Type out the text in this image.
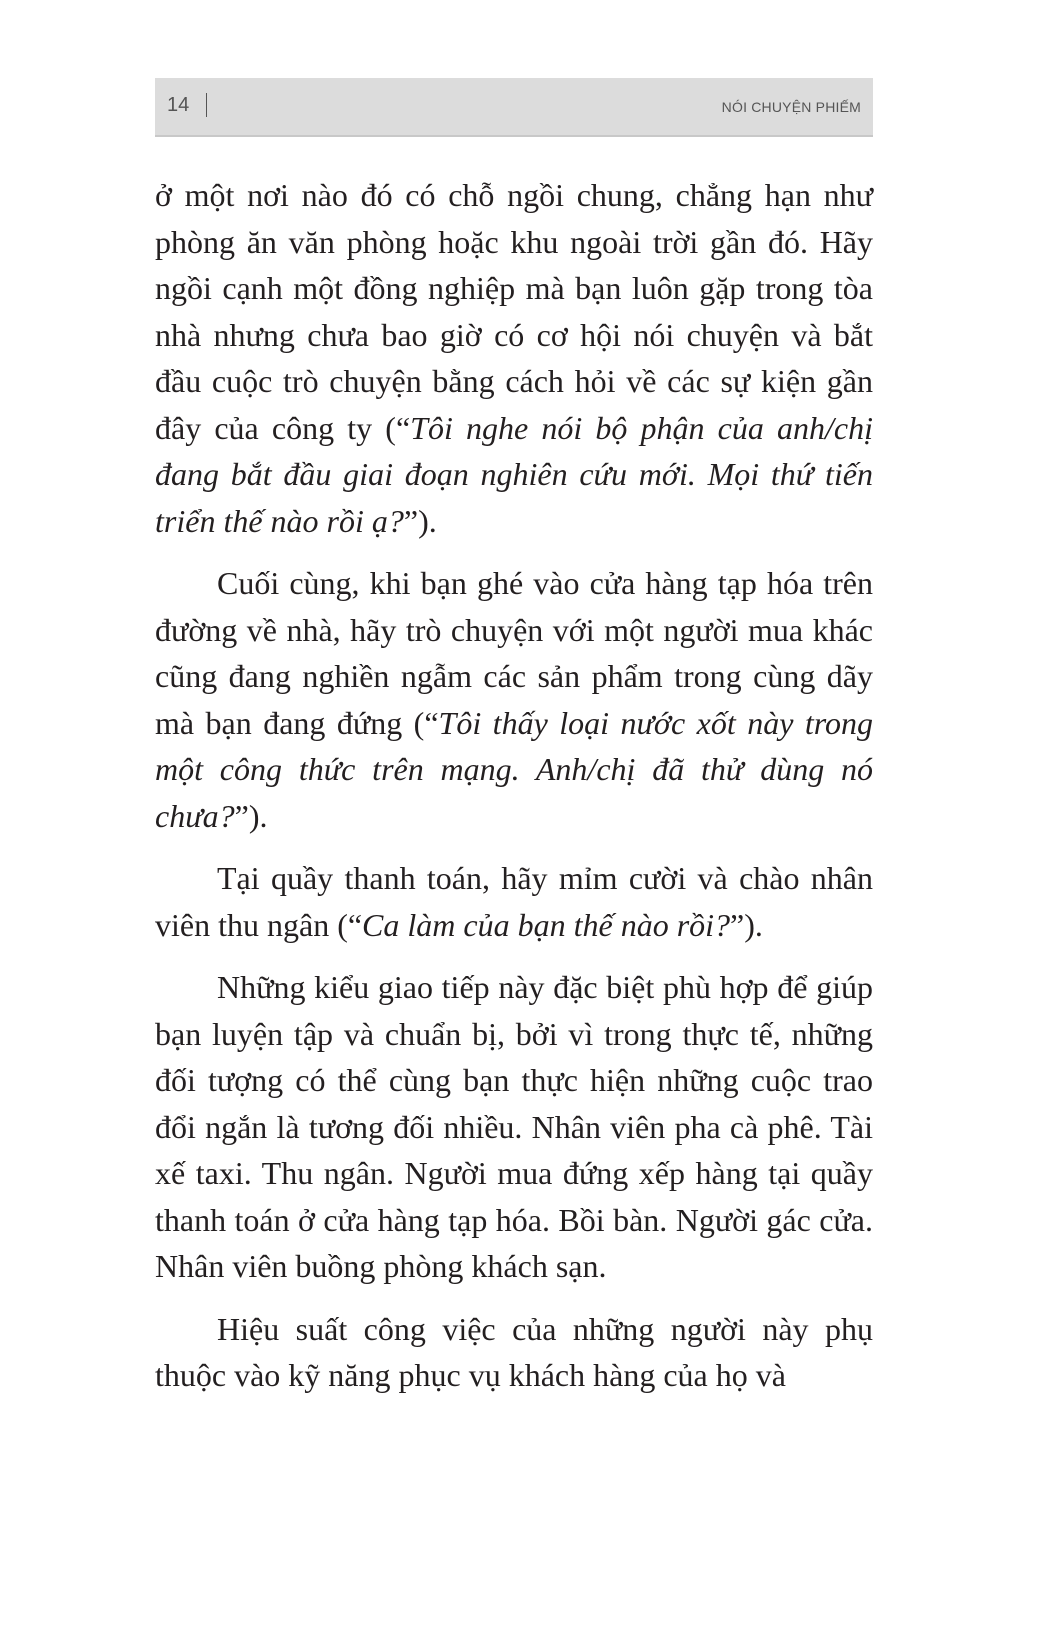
14	NÓI CHUYỆN PHIẾM

ở một nơi nào đó có chỗ ngồi chung, chẳng hạn như phòng ăn văn phòng hoặc khu ngoài trời gần đó. Hãy ngồi cạnh một đồng nghiệp mà bạn luôn gặp trong tòa nhà nhưng chưa bao giờ có cơ hội nói chuyện và bắt đầu cuộc trò chuyện bằng cách hỏi về các sự kiện gần đây của công ty (“Tôi nghe nói bộ phận của anh/chị đang bắt đầu giai đoạn nghiên cứu mới. Mọi thứ tiến triển thế nào rồi ạ?”).

Cuối cùng, khi bạn ghé vào cửa hàng tạp hóa trên đường về nhà, hãy trò chuyện với một người mua khác cũng đang nghiền ngẫm các sản phẩm trong cùng dãy mà bạn đang đứng (“Tôi thấy loại nước xốt này trong một công thức trên mạng. Anh/chị đã thử dùng nó chưa?”).

Tại quầy thanh toán, hãy mỉm cười và chào nhân viên thu ngân (“Ca làm của bạn thế nào rồi?”).

Những kiểu giao tiếp này đặc biệt phù hợp để giúp bạn luyện tập và chuẩn bị, bởi vì trong thực tế, những đối tượng có thể cùng bạn thực hiện những cuộc trao đổi ngắn là tương đối nhiều. Nhân viên pha cà phê. Tài xế taxi. Thu ngân. Người mua đứng xếp hàng tại quầy thanh toán ở cửa hàng tạp hóa. Bồi bàn. Người gác cửa. Nhân viên buồng phòng khách sạn.

Hiệu suất công việc của những người này phụ thuộc vào kỹ năng phục vụ khách hàng của họ và
